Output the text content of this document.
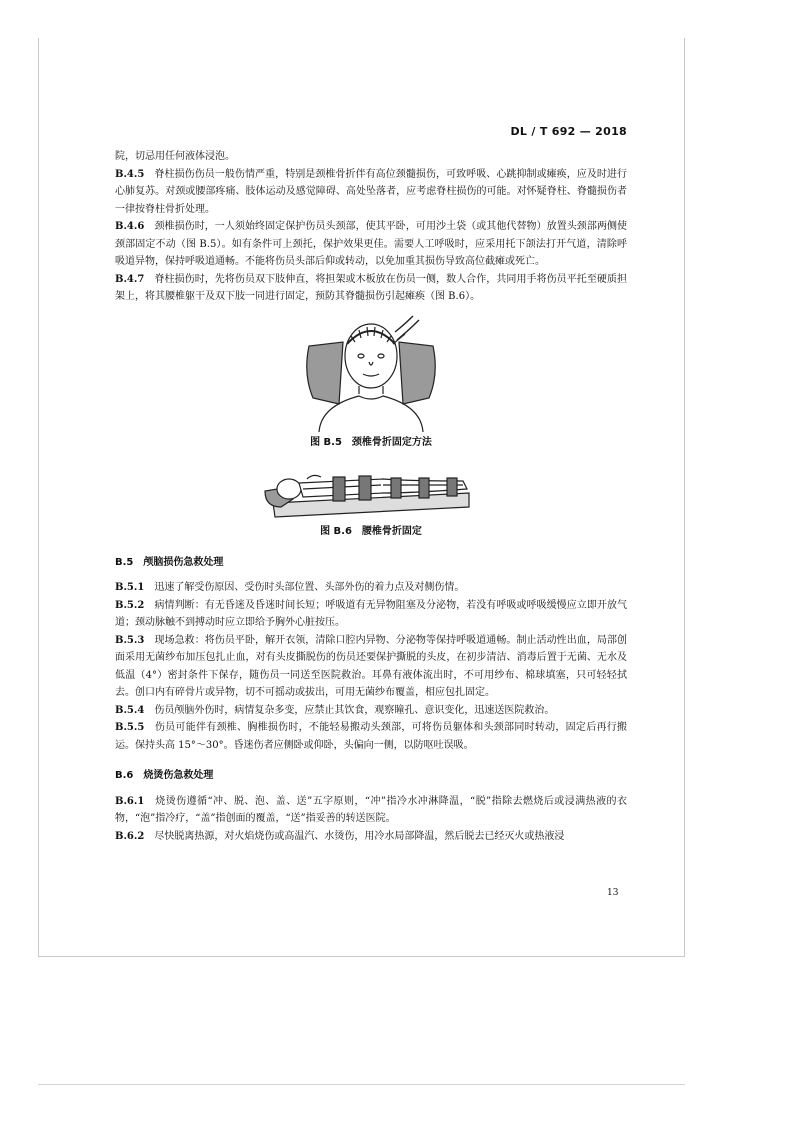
DL / T 692 — 2018

院，切忌用任何液体浸泡。

B.4.5　 脊柱损伤伤员一般伤情严重，特别是颈椎骨折伴有高位颈髓损伤，可致呼吸、心跳抑制或瘫痪，应及时进行心肺复苏。对颈或腰部疼痛、肢体运动及感觉障碍、高处坠落者，应考虑脊柱损伤的可能。对怀疑脊柱、脊髓损伤者一律按脊柱骨折处理。

B.4.6　 颈椎损伤时，一人须始终固定保护伤员头颈部，使其平卧，可用沙土袋（或其他代替物）放置头颈部两侧使颈部固定不动（图 B.5）。如有条件可上颈托，保护效果更佳。需要人工呼吸时，应采用托下颌法打开气道，清除呼吸道异物，保持呼吸道通畅。不能将伤员头部后仰或转动，以免加重其损伤导致高位截瘫或死亡。

B.4.7　 脊柱损伤时，先将伤员双下肢伸直，将担架或木板放在伤员一侧，数人合作，共同用手将伤员平托至硬质担架上，将其腰椎躯干及双下肢一同进行固定，预防其脊髓损伤引起瘫痪（图 B.6）。

图 B.5　颈椎骨折固定方法
图 B.6　腰椎骨折固定

B.5　颅脑损伤急救处理

B.5.1　 迅速了解受伤原因、受伤时头部位置、头部外伤的着力点及对侧伤情。

B.5.2　 病情判断：有无昏迷及昏迷时间长短；呼吸道有无异物阻塞及分泌物，若没有呼吸或呼吸缓慢应立即开放气道；颈动脉触不到搏动时应立即给予胸外心脏按压。

B.5.3　 现场急救：将伤员平卧，解开衣领，清除口腔内异物、分泌物等保持呼吸道通畅。制止活动性出血，局部创面采用无菌纱布加压包扎止血，对有头皮撕脱伤的伤员还要保护撕脱的头皮，在初步清洁、消毒后置于无菌、无水及低温（4°）密封条件下保存，随伤员一同送至医院救治。耳鼻有液体流出时，不可用纱布、棉球填塞，只可轻轻拭去。创口内有碎骨片或异物，切不可摇动或拔出，可用无菌纱布覆盖，相应包扎固定。

B.5.4　 伤员颅脑外伤时，病情复杂多变，应禁止其饮食，观察瞳孔、意识变化，迅速送医院救治。

B.5.5　 伤员可能伴有颈椎、胸椎损伤时，不能轻易搬动头颈部，可将伤员躯体和头颈部同时转动，固定后再行搬运。保持头高 15°～30°。昏迷伤者应侧卧或仰卧，头偏向一侧，以防呕吐误吸。

B.6　烧烫伤急救处理

B.6.1　 烧烫伤遵循“冲、脱、泡、盖、送”五字原则，“冲”指冷水冲淋降温，“脱”指除去燃烧后或浸满热液的衣物，“泡”指冷疗，“盖”指创面的覆盖，“送”指妥善的转送医院。

B.6.2　 尽快脱离热源，对火焰烧伤或高温汽、水烫伤，用冷水局部降温，然后脱去已经灭火或热液浸

13
